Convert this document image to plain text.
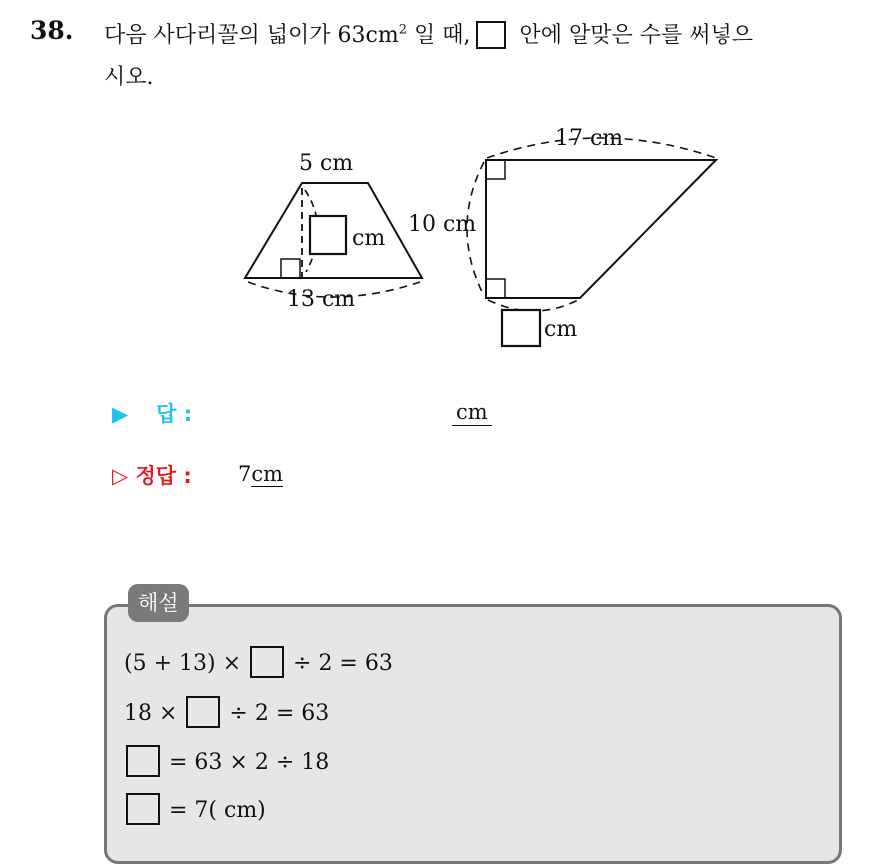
38. 다음 사다리꼴의 넓이가 $63cm^2$ 일 때, 안에 알맞은 수를 써넣으
시오.
5 cm
cm
13 cm
17 cm
10 cm
cm
▶ 답 :	cm
▷ 정답 : 7cm
해설
(5 + 13) × ÷ 2 = 63
18 × ÷ 2 = 63
= 63 × 2 ÷ 18
= 7( cm)
